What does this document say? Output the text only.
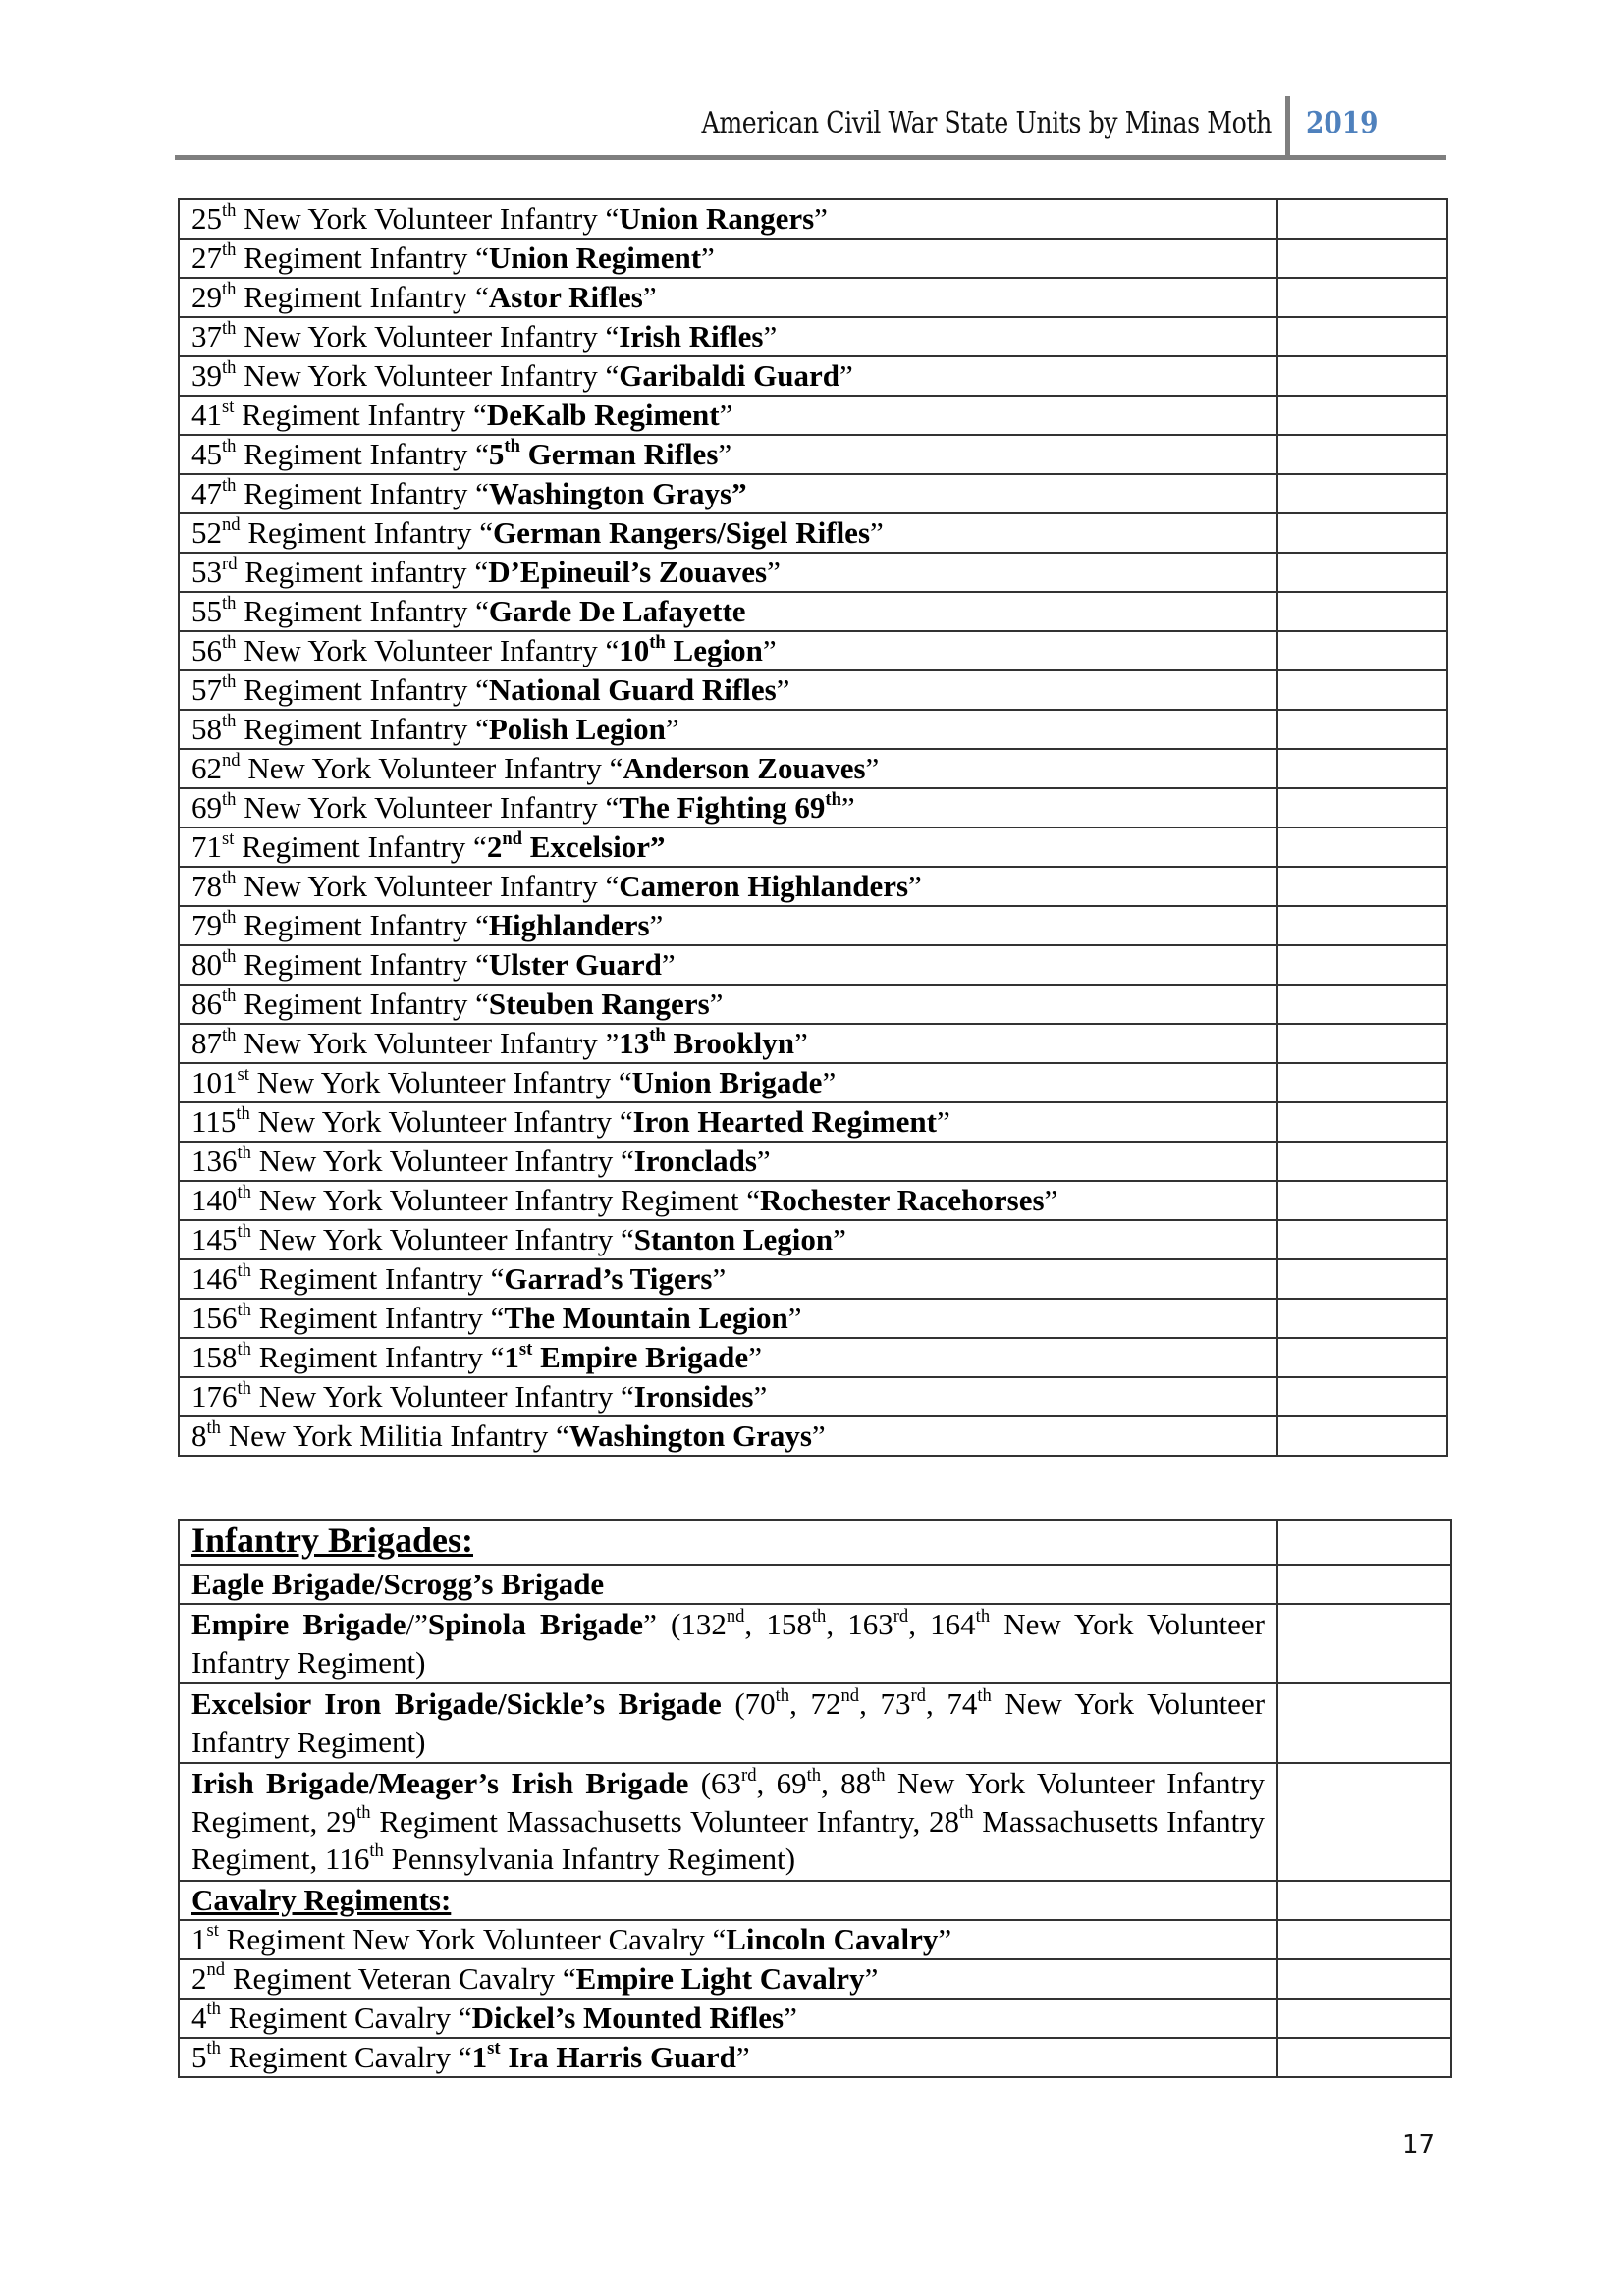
American Civil War State Units by Minas Moth 2019
25th New York Volunteer Infantry “Union Rangers”	
27th Regiment Infantry “Union Regiment”	
29th Regiment Infantry “Astor Rifles”	
37th New York Volunteer Infantry “Irish Rifles”	
39th New York Volunteer Infantry “Garibaldi Guard”	
41st Regiment Infantry “DeKalb Regiment”	
45th Regiment Infantry “5th German Rifles”	
47th Regiment Infantry “Washington Grays”	
52nd Regiment Infantry “German Rangers/Sigel Rifles”	
53rd Regiment infantry “D’Epineuil’s Zouaves”	
55th Regiment Infantry “Garde De Lafayette	
56th New York Volunteer Infantry “10th Legion”	
57th Regiment Infantry “National Guard Rifles”	
58th Regiment Infantry “Polish Legion”	
62nd New York Volunteer Infantry “Anderson Zouaves”	
69th New York Volunteer Infantry “The Fighting 69th”	
71st Regiment Infantry “2nd Excelsior”	
78th New York Volunteer Infantry “Cameron Highlanders”	
79th Regiment Infantry “Highlanders”	
80th Regiment Infantry “Ulster Guard”	
86th Regiment Infantry “Steuben Rangers”	
87th New York Volunteer Infantry ”13th Brooklyn”	
101st New York Volunteer Infantry “Union Brigade”	
115th New York Volunteer Infantry “Iron Hearted Regiment”	
136th New York Volunteer Infantry “Ironclads”	
140th New York Volunteer Infantry Regiment “Rochester Racehorses”	
145th New York Volunteer Infantry “Stanton Legion”	
146th Regiment Infantry “Garrad’s Tigers”	
156th Regiment Infantry “The Mountain Legion”	
158th Regiment Infantry “1st Empire Brigade”	
176th New York Volunteer Infantry “Ironsides”	
8th New York Militia Infantry “Washington Grays”	
Infantry Brigades:	
Eagle Brigade/Scrogg’s Brigade	
Empire Brigade/”Spinola Brigade” (132nd, 158th, 163rd, 164th New York Volunteer Infantry Regiment)	
Excelsior Iron Brigade/Sickle’s Brigade (70th, 72nd, 73rd, 74th New York Volunteer Infantry Regiment)	
Irish Brigade/Meager’s Irish Brigade (63rd, 69th, 88th New York Volunteer Infantry Regiment, 29th Regiment Massachusetts Volunteer Infantry, 28th Massachusetts Infantry Regiment, 116th Pennsylvania Infantry Regiment)	
Cavalry Regiments:	
1st Regiment New York Volunteer Cavalry “Lincoln Cavalry”	
2nd Regiment Veteran Cavalry “Empire Light Cavalry”	
4th Regiment Cavalry “Dickel’s Mounted Rifles”	
5th Regiment Cavalry “1st Ira Harris Guard”	
17
